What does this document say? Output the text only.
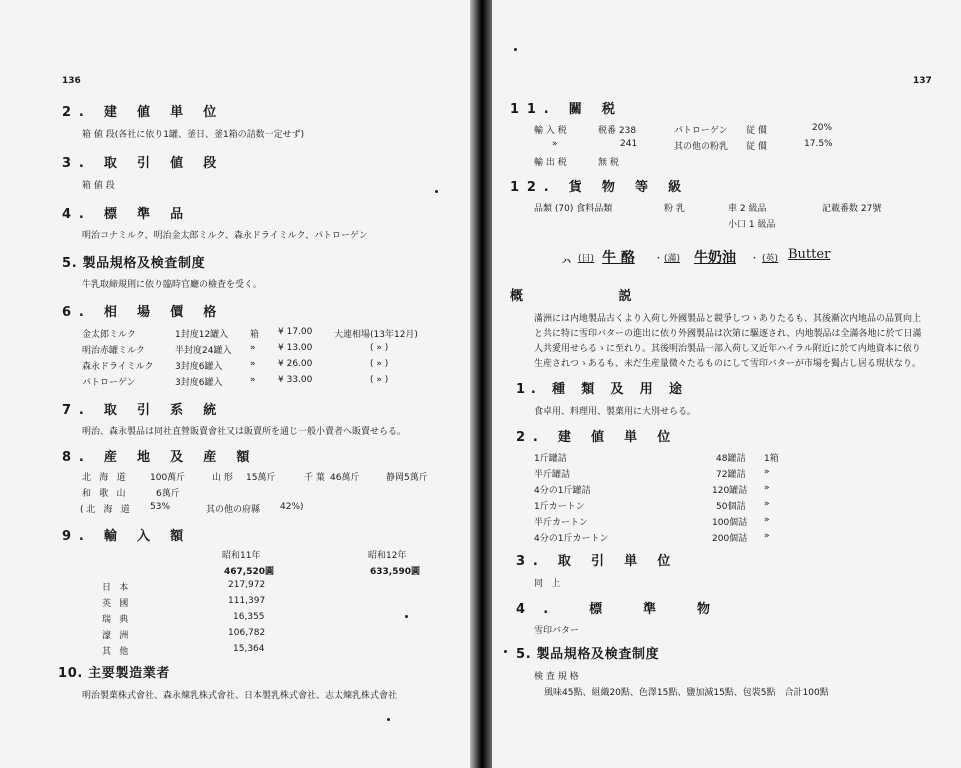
136
2. 建 値 単 位
箱 値 段(各社に依り1罐、釜日、釜1箱の詰数一定せず)
3. 取 引 値 段
箱 値 段
4. 標 準 品
明治コナミルク、明治金太郎ミルク、森永ドライミルク、パトローゲン
5. 製品規格及検査制度
牛乳取締規則に依り臨時官廳の檢査を受く。
6. 相 場 價 格
金太郎ミルク	1封度12罐入 箱 ¥ 17.00 大連相場(13年12月)
明治赤罐ミルク	半封度24罐入 » ¥ 13.00	( » )
森永ドライミルク 3封度6罐入	» ¥ 26.00	( » )
パトローゲン	3封度6罐入	» ¥ 33.00	( » )
7. 取 引 系 統
明治、森永製品は同社直營販賣會社又は販賣所を通じ一般小賣者へ販賣せらる。
8. 産 地 及 産 額
北 海 道 100萬斤	山 形 15萬斤	千 葉 46萬斤	静岡5萬斤
和 歌 山	6萬斤
(北 海 道 53%	其の他の府縣 42%)
9. 輸 入 額
昭和11年	昭和12年
467,520圓	633,590圓
日 本	217,972
英 國	111,397
瑞 典	16,355
濠 洲	106,782
其 他	15,364
10. 主要製造業者
明治製菓株式會社、森永煉乳株式會社、日本製乳株式會社、志太煉乳株式會社
137
11. 關 税
輸 入 税	税番 238	パトローゲン 従 價	20%
»	241	其の他の粉乳 従 價	17.5%
輸 出 税	無 税
12. 貨 物 等 級
品類 (70) 食料品類	粉 乳	車 2 級品	記載番数 27號
小口 1 級品
ハ (日) 牛 酪 ・ (滿) 牛奶油 ・ (英) Butter
概 説
滿洲には内地製品古くより入荷し外國製品と競爭しつゝありたるも、其後漸次内地品の品質向上
と共に特に雪印バターの進出に依り外國製品は次第に驅逐され、内地製品は全滿各地に於て日滿
人共愛用せらるゝに至れり。其後明治製品一部入荷し又近年ハイラル附近に於て内地資本に依り
生産されつゝあるも、未だ生産量微々たるものにして雪印バターが市場を獨占し居る現状なり。
1. 種 類 及 用 途
食卓用、料理用、製菓用に大別せらる。
2. 建 値 単 位
1斤罐詰	48罐詰 1箱
半斤罐詰	72罐詰 »
4分の1斤罐詰	120罐詰 »
1斤カートン	50個詰 »
半斤カートン	100個詰 »
4分の1斤カートン	200個詰 »
3. 取 引 単 位
同 上
4. 標 準 物
雪印バター
5. 製品規格及検査制度
検 査 規 格
風味45點、組織20點、色澤15點、鹽加減15點、包裝5點　合計100點
